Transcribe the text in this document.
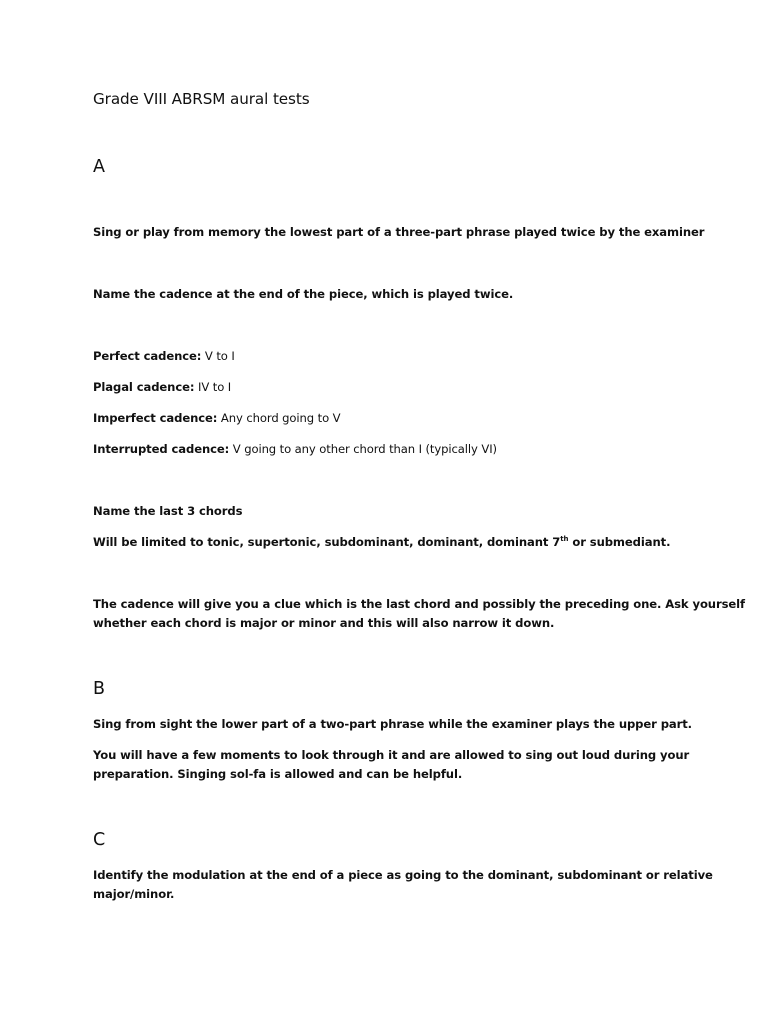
Grade VIII ABRSM aural tests
A
Sing or play from memory the lowest part of a three-part phrase played twice by the examiner
Name the cadence at the end of the piece, which is played twice.
Perfect cadence: V to I
Plagal cadence: IV to I
Imperfect cadence: Any chord going to V
Interrupted cadence: V going to any other chord than I (typically VI)
Name the last 3 chords
Will be limited to tonic, supertonic, subdominant, dominant, dominant 7th or submediant.
The cadence will give you a clue which is the last chord and possibly the preceding one. Ask yourself
whether each chord is major or minor and this will also narrow it down.
B
Sing from sight the lower part of a two-part phrase while the examiner plays the upper part.
You will have a few moments to look through it and are allowed to sing out loud during your
preparation. Singing sol-fa is allowed and can be helpful.
C
Identify the modulation at the end of a piece as going to the dominant, subdominant or relative
major/minor.
